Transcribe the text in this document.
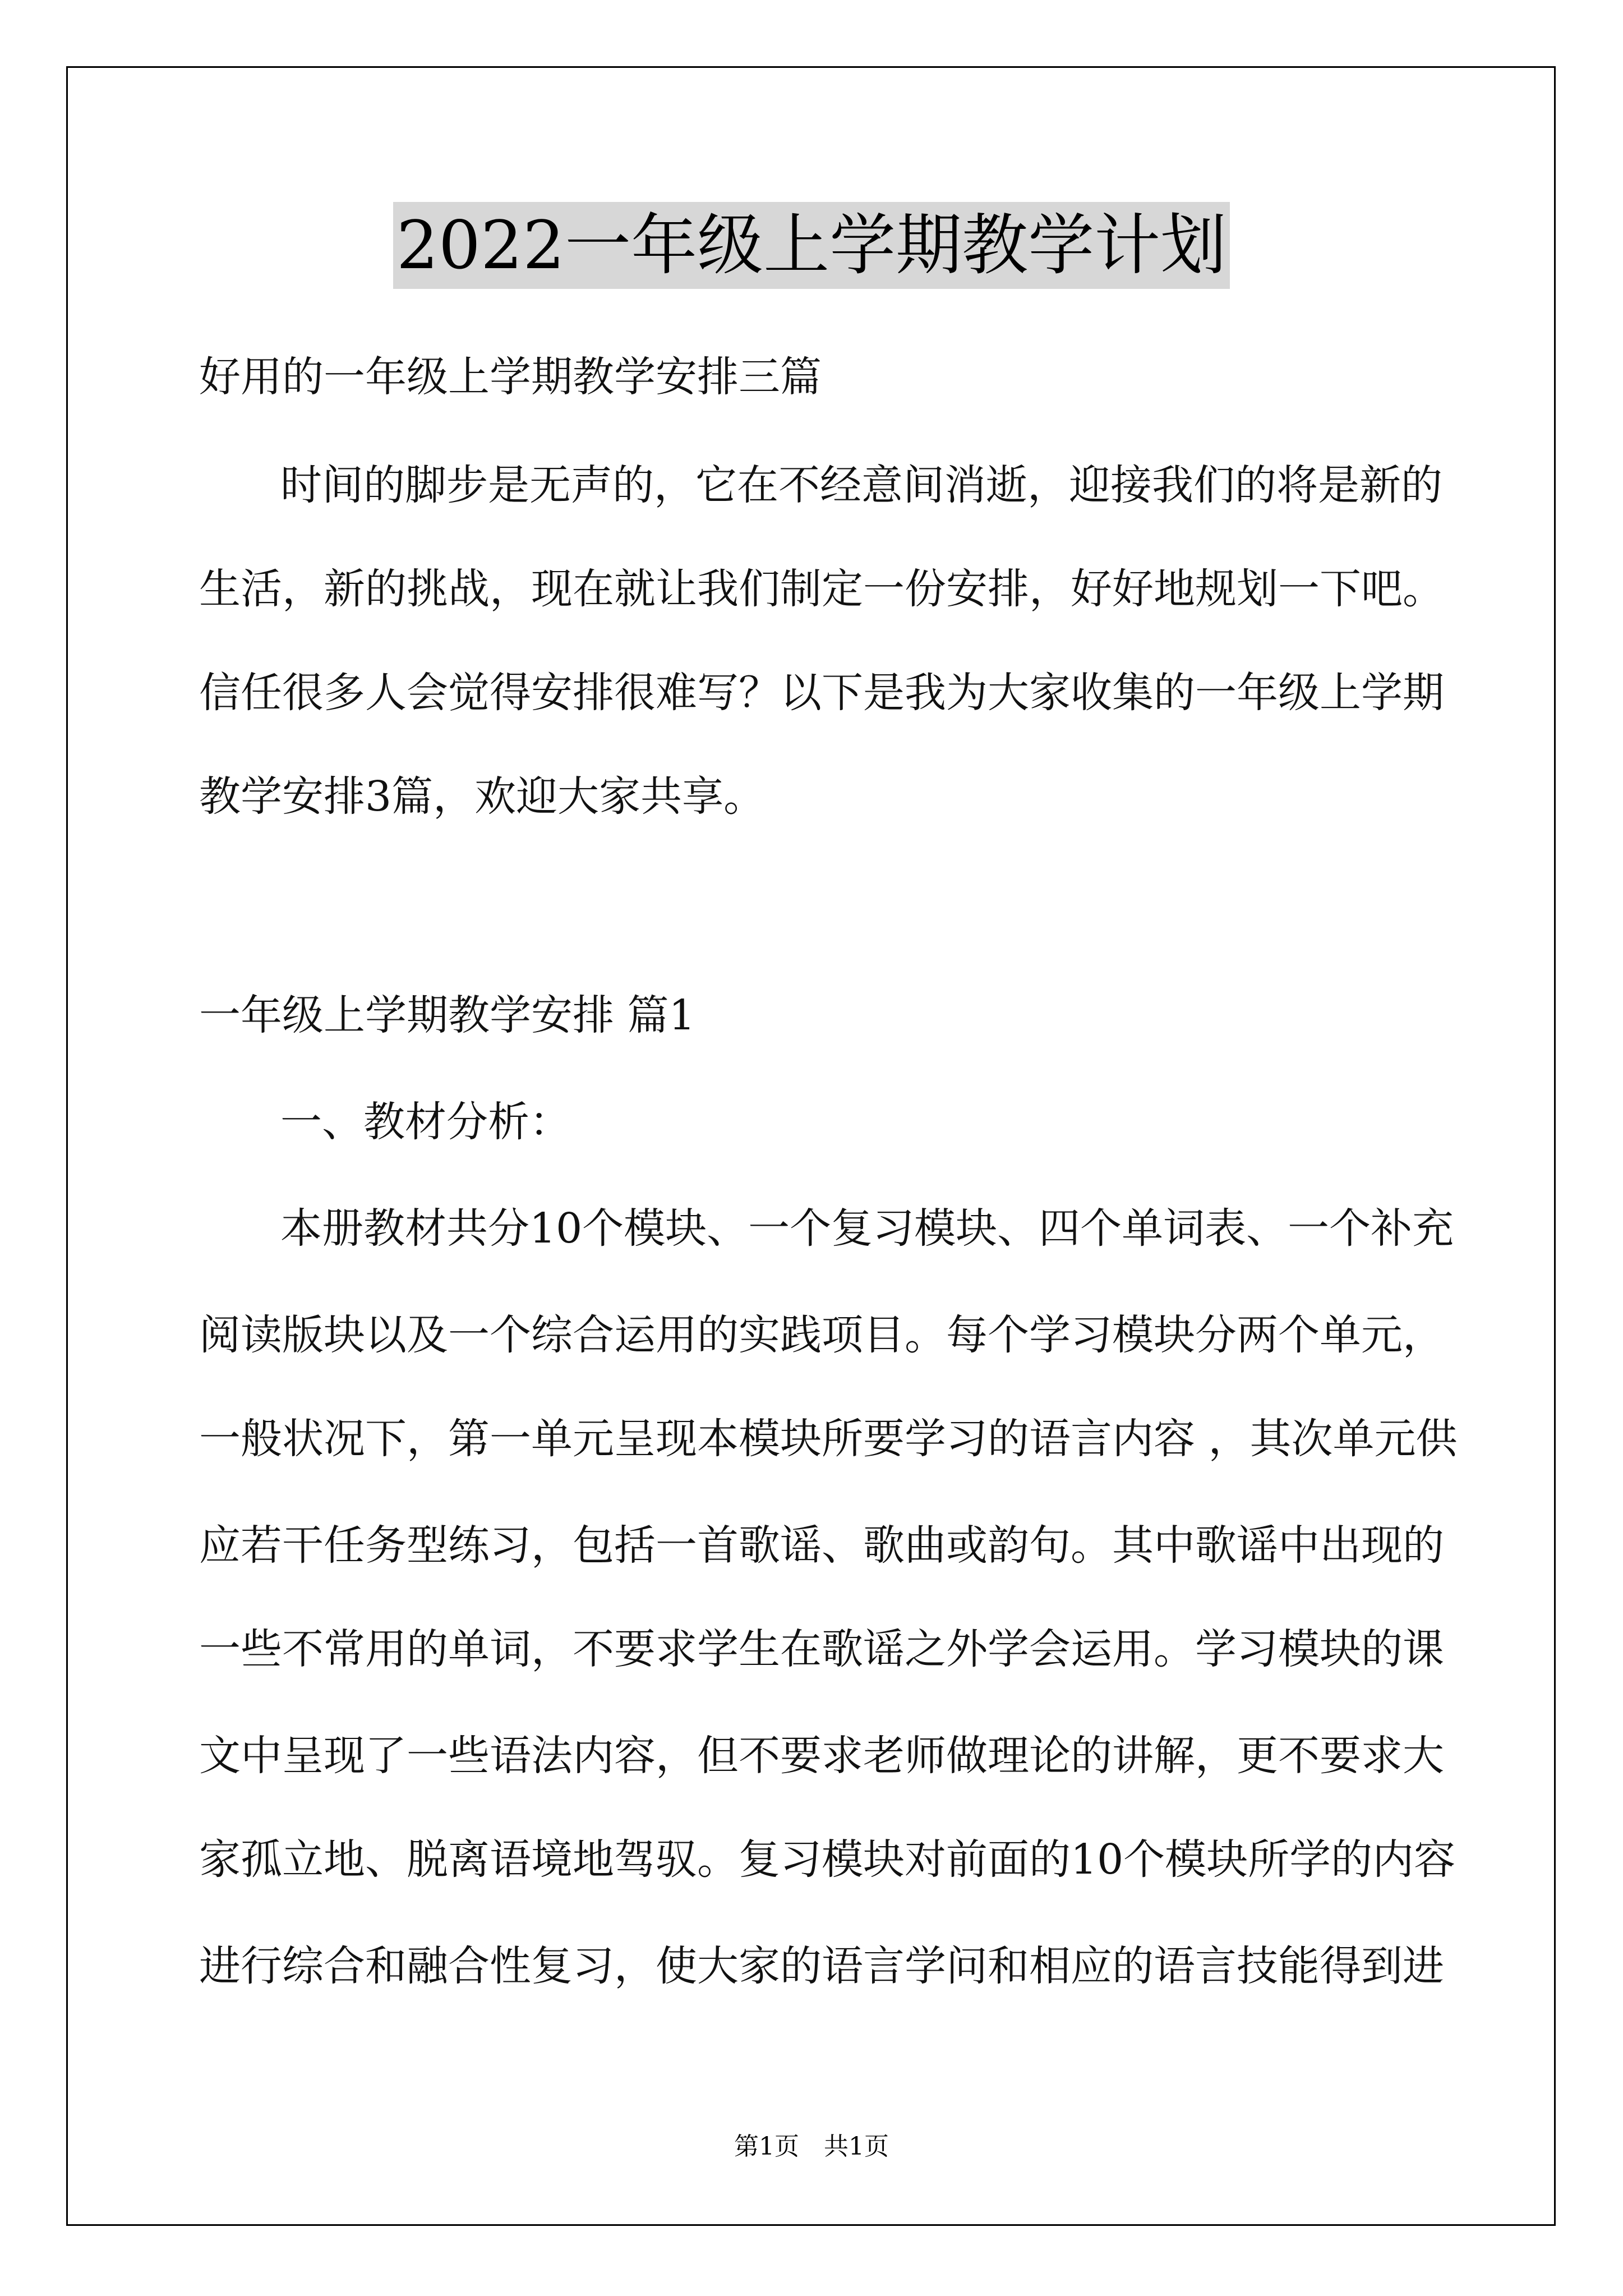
2022一年级上学期教学计划
好用的一年级上学期教学安排三篇
时间的脚步是无声的，它在不经意间消逝，迎接我们的将是新的
生活，新的挑战，现在就让我们制定一份安排，好好地规划一下吧。
信任很多人会觉得安排很难写？以下是我为大家收集的一年级上学期
教学安排3篇，欢迎大家共享。
一年级上学期教学安排 篇1
一、教材分析：
本册教材共分10个模块、一个复习模块、四个单词表、一个补充
阅读版块以及一个综合运用的实践项目。每个学习模块分两个单元，
一般状况下，第一单元呈现本模块所要学习的语言内容 ，其次单元供
应若干任务型练习，包括一首歌谣、歌曲或韵句。其中歌谣中出现的
一些不常用的单词，不要求学生在歌谣之外学会运用。学习模块的课
文中呈现了一些语法内容，但不要求老师做理论的讲解，更不要求大
家孤立地、脱离语境地驾驭。复习模块对前面的10个模块所学的内容
进行综合和融合性复习，使大家的语言学问和相应的语言技能得到进
第1页　共1页
